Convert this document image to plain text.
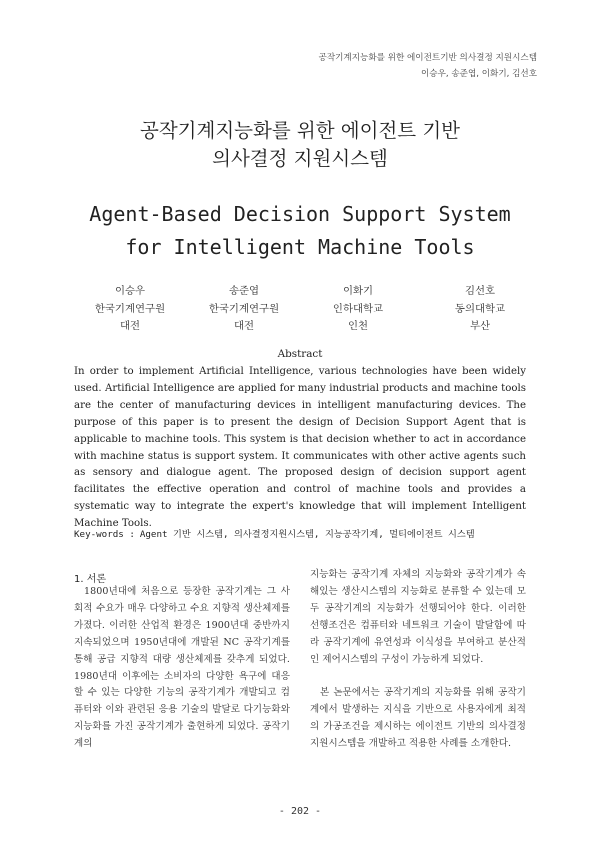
공작기계지능화를 위한 에이전트기반 의사결정 지원시스템
이승우, 송준엽, 이화기, 김선호
공작기계지능화를 위한 에이전트 기반
의사결정 지원시스템
Agent-Based Decision Support System
for Intelligent Machine Tools
이승우
한국기계연구원
대전
송준엽
한국기계연구원
대전
이화기
인하대학교
인천
김선호
동의대학교
부산
Abstract

In order to implement Artificial Intelligence, various technologies have been widely used. Artificial Intelligence are applied for many industrial products and machine tools are the center of manufacturing devices in intelligent manufacturing devices. The purpose of this paper is to present the design of Decision Support Agent that is applicable to machine tools. This system is that decision whether to act in accordance with machine status is support system. It communicates with other active agents such as sensory and dialogue agent. The proposed design of decision support agent facilitates the effective operation and control of machine tools and provides a systematic way to integrate the expert's knowledge that will implement Intelligent Machine Tools.

Key-words : Agent 기반 시스템, 의사결정지원시스템, 지능공작기계, 멀티에이전트 시스템
1. 서론

1800년대에 처음으로 등장한 공작기계는 그 사회적 수요가 매우 다양하고 수요 지향적 생산체제를 가졌다. 이러한 산업적 환경은 1900년대 중반까지 지속되었으며 1950년대에 개발된 NC 공작기계를 통해 공급 지향적 대량 생산체제를 갖추게 되었다. 1980년대 이후에는 소비자의 다양한 욕구에 대응할 수 있는 다양한 기능의 공작기계가 개발되고 컴퓨터와 이와 관련된 응용 기술의 발달로 다기능화와 지능화를 가진 공작기계가 출현하게 되었다. 공작기계의

지능화는 공작기계 자체의 지능화와 공작기계가 속해있는 생산시스템의 지능화로 분류할 수 있는데 모두 공작기계의 지능화가 선행되어야 한다. 이러한 선행조건은 컴퓨터와 네트워크 기술이 발달함에 따라 공작기계에 유연성과 이식성을 부여하고 분산적인 제어시스템의 구성이 가능하게 되었다.

본 논문에서는 공작기계의 지능화를 위해 공작기계에서 발생하는 지식을 기반으로 사용자에게 최적의 가공조건을 제시하는 에이전트 기반의 의사결정지원시스템을 개발하고 적용한 사례를 소개한다.

- 202 -
